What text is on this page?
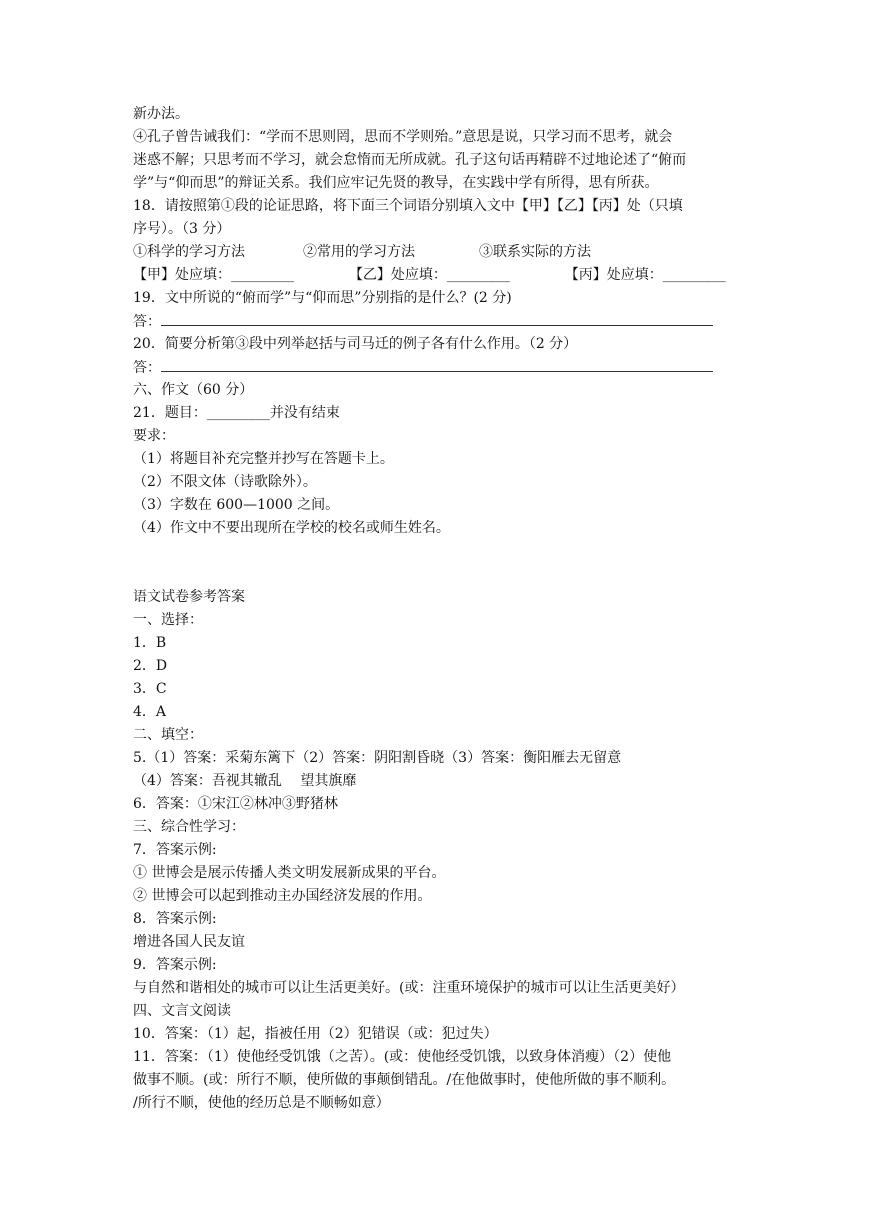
新办法。
④孔子曾告诫我们：“学而不思则罔，思而不学则殆。”意思是说，只学习而不思考，就会
迷惑不解；只思考而不学习，就会怠惰而无所成就。孔子这句话再精辟不过地论述了“俯而
学”与“仰而思”的辩证关系。我们应牢记先贤的教导，在实践中学有所得，思有所获。
18．请按照第①段的论证思路，将下面三个词语分别填入文中【甲】【乙】【丙】处（只填
序号）。（3 分）
①科学的学习方法	②常用的学习方法	③联系实际的方法
【甲】处应填：_________	【乙】处应填：_________	【丙】处应填：_________
19．文中所说的“俯而学”与“仰而思”分别指的是什么？(2 分)
答：
20．简要分析第③段中列举赵括与司马迁的例子各有什么作用。（2 分）
答：
六、作文（60 分）
21．题目：_________并没有结束
要求：
（1）将题目补充完整并抄写在答题卡上。
（2）不限文体（诗歌除外）。
（3）字数在 600—1000 之间。
（4）作文中不要出现所在学校的校名或师生姓名。
语文试卷参考答案
一、选择：
1．B
2．D
3．C
4．A
二、填空：
5.（1）答案：采菊东篱下（2）答案：阴阳割昏晓（3）答案：衡阳雁去无留意
（4）答案：吾视其辙乱　 望其旗靡
6．答案：①宋江②林冲③野猪林
三、综合性学习：
7．答案示例:
① 世博会是展示传播人类文明发展新成果的平台。
② 世博会可以起到推动主办国经济发展的作用。
8．答案示例:
增进各国人民友谊
9．答案示例:
与自然和谐相处的城市可以让生活更美好。(或：注重环境保护的城市可以让生活更美好）
四、文言文阅读
10．答案：（1）起，指被任用（2）犯错误（或：犯过失）
11．答案：（1）使他经受饥饿（之苦）。(或：使他经受饥饿，以致身体消瘦）（2）使他
做事不顺。(或：所行不顺，使所做的事颠倒错乱。/在他做事时，使他所做的事不顺利。
/所行不顺，使他的经历总是不顺畅如意）
